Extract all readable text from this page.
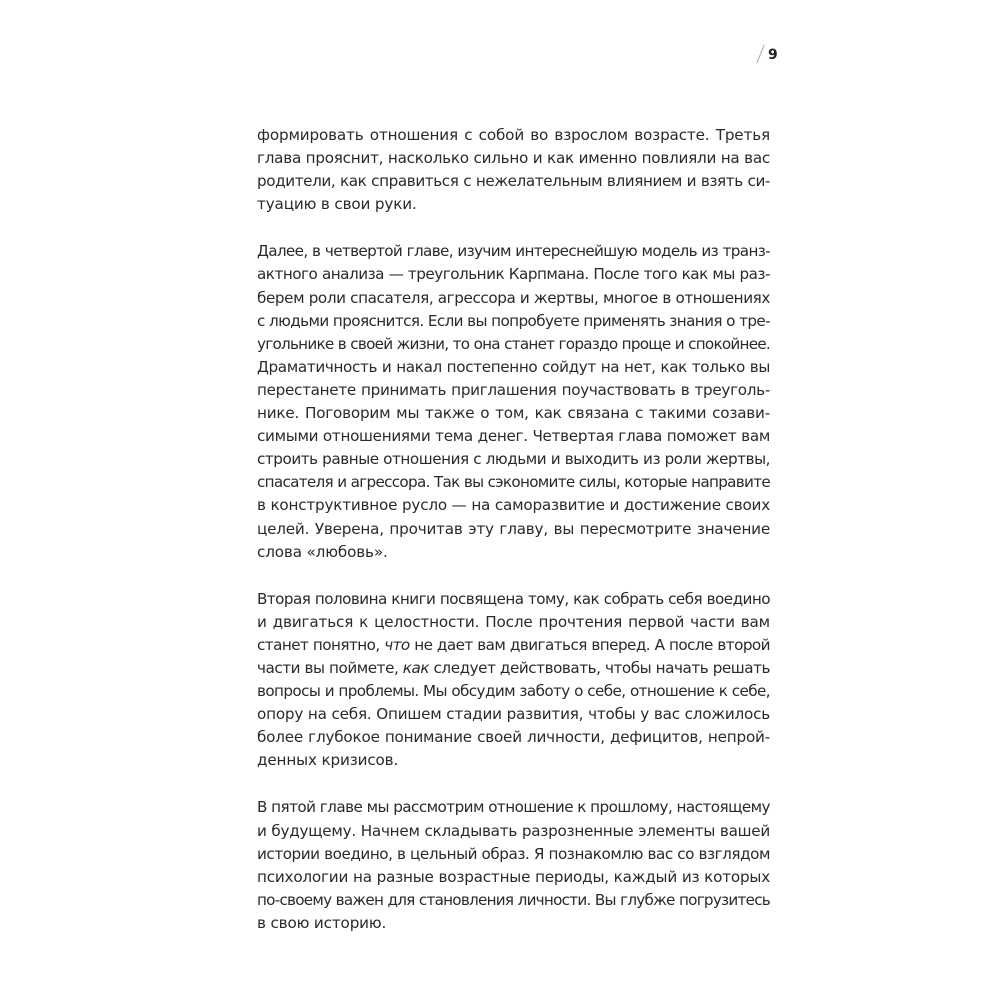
9
формировать отношения с собой во взрослом возрасте. Третья
глава прояснит, насколько сильно и как именно повлияли на вас
родители, как справиться с нежелательным влиянием и взять си-
туацию в свои руки.
Далее, в четвертой главе, изучим интереснейшую модель из транз-
актного анализа — треугольник Карпмана. После того как мы раз-
берем роли спасателя, агрессора и жертвы, многое в отношениях
с людьми прояснится. Если вы попробуете применять знания о тре-
угольнике в своей жизни, то она станет гораздо проще и спокойнее.
Драматичность и накал постепенно сойдут на нет, как только вы
перестанете принимать приглашения поучаствовать в треуголь-
нике. Поговорим мы также о том, как связана с такими созави-
симыми отношениями тема денег. Четвертая глава поможет вам
строить равные отношения с людьми и выходить из роли жертвы,
спасателя и агрессора. Так вы сэкономите силы, которые направите
в конструктивное русло — на саморазвитие и достижение своих
целей. Уверена, прочитав эту главу, вы пересмотрите значение
слова «любовь».
Вторая половина книги посвящена тому, как собрать себя воедино
и двигаться к целостности. После прочтения первой части вам
станет понятно, что не дает вам двигаться вперед. А после второй
части вы поймете, как следует действовать, чтобы начать решать
вопросы и проблемы. Мы обсудим заботу о себе, отношение к себе,
опору на себя. Опишем стадии развития, чтобы у вас сложилось
более глубокое понимание своей личности, дефицитов, непрой-
денных кризисов.
В пятой главе мы рассмотрим отношение к прошлому, настоящему
и будущему. Начнем складывать разрозненные элементы вашей
истории воедино, в цельный образ. Я познакомлю вас со взглядом
психологии на разные возрастные периоды, каждый из которых
по-своему важен для становления личности. Вы глубже погрузитесь
в свою историю.
